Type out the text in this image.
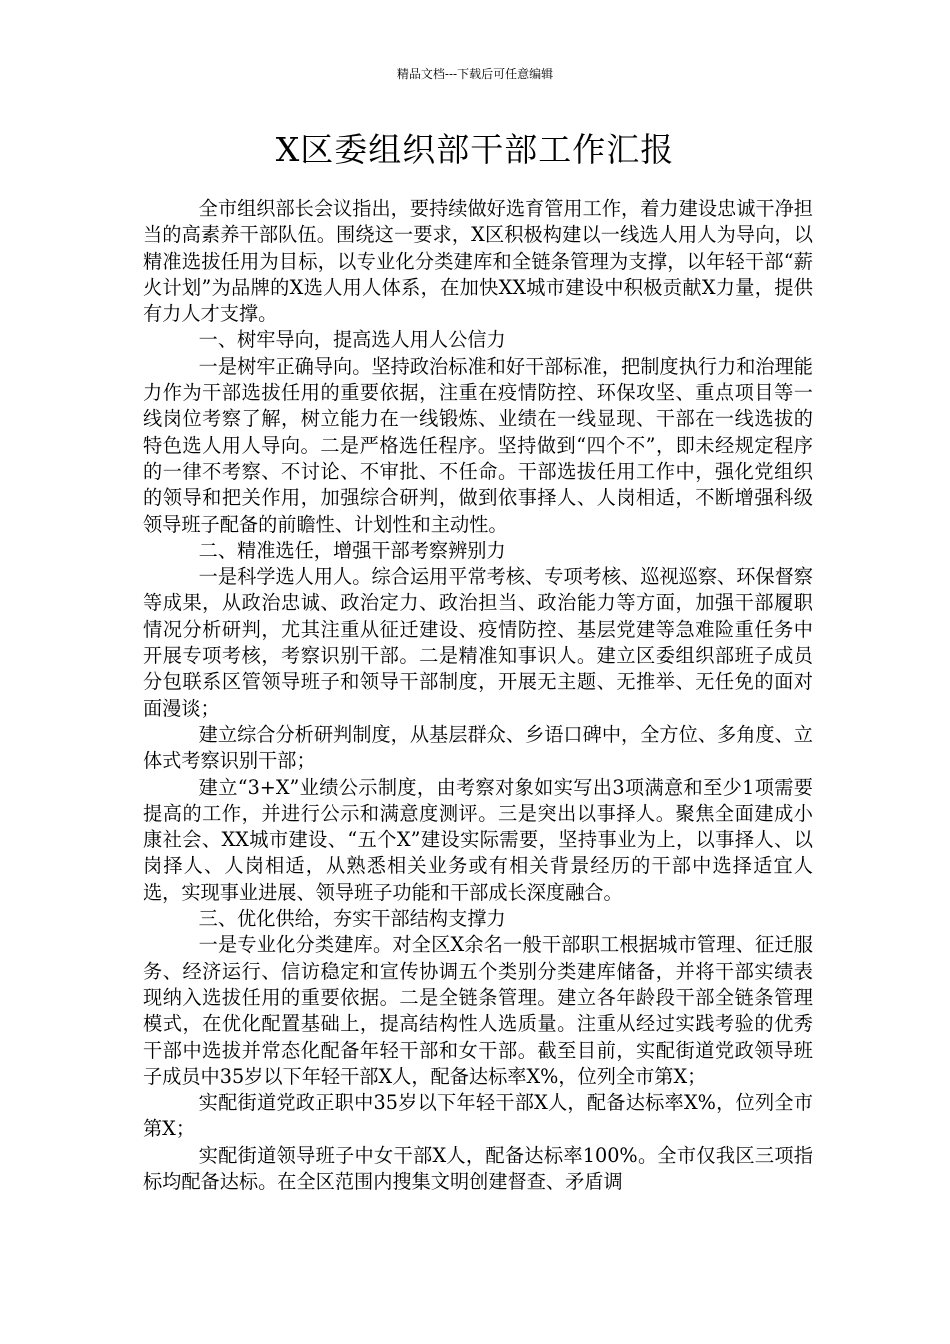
精品文档---下载后可任意编辑
X区委组织部干部工作汇报

全市组织部长会议指出，要持续做好选育管用工作，着力建设忠诚干净担当的高素养干部队伍。围绕这一要求，X区积极构建以一线选人用人为导向，以精准选拔任用为目标，以专业化分类建库和全链条管理为支撑，以年轻干部“薪火计划”为品牌的X选人用人体系，在加快XX城市建设中积极贡献X力量，提供有力人才支撑。

一、树牢导向，提高选人用人公信力

一是树牢正确导向。坚持政治标准和好干部标准，把制度执行力和治理能力作为干部选拔任用的重要依据，注重在疫情防控、环保攻坚、重点项目等一线岗位考察了解，树立能力在一线锻炼、业绩在一线显现、干部在一线选拔的特色选人用人导向。二是严格选任程序。坚持做到“四个不”，即未经规定程序的一律不考察、不讨论、不审批、不任命。干部选拔任用工作中，强化党组织的领导和把关作用，加强综合研判，做到依事择人、人岗相适，不断增强科级领导班子配备的前瞻性、计划性和主动性。

二、精准选任，增强干部考察辨别力

一是科学选人用人。综合运用平常考核、专项考核、巡视巡察、环保督察等成果，从政治忠诚、政治定力、政治担当、政治能力等方面，加强干部履职情况分析研判，尤其注重从征迁建设、疫情防控、基层党建等急难险重任务中开展专项考核，考察识别干部。二是精准知事识人。建立区委组织部班子成员分包联系区管领导班子和领导干部制度，开展无主题、无推举、无任免的面对面漫谈；

建立综合分析研判制度，从基层群众、乡语口碑中，全方位、多角度、立体式考察识别干部；

建立“3+X”业绩公示制度，由考察对象如实写出3项满意和至少1项需要提高的工作，并进行公示和满意度测评。三是突出以事择人。聚焦全面建成小康社会、XX城市建设、“五个X”建设实际需要，坚持事业为上，以事择人、以岗择人、人岗相适，从熟悉相关业务或有相关背景经历的干部中选择适宜人选，实现事业进展、领导班子功能和干部成长深度融合。

三、优化供给，夯实干部结构支撑力

一是专业化分类建库。对全区X余名一般干部职工根据城市管理、征迁服务、经济运行、信访稳定和宣传协调五个类别分类建库储备，并将干部实绩表现纳入选拔任用的重要依据。二是全链条管理。建立各年龄段干部全链条管理模式，在优化配置基础上，提高结构性人选质量。注重从经过实践考验的优秀干部中选拔并常态化配备年轻干部和女干部。截至目前，实配街道党政领导班子成员中35岁以下年轻干部X人，配备达标率X%，位列全市第X；

实配街道党政正职中35岁以下年轻干部X人，配备达标率X%，位列全市第X；

实配街道领导班子中女干部X人，配备达标率100%。全市仅我区三项指标均配备达标。在全区范围内搜集文明创建督查、矛盾调
